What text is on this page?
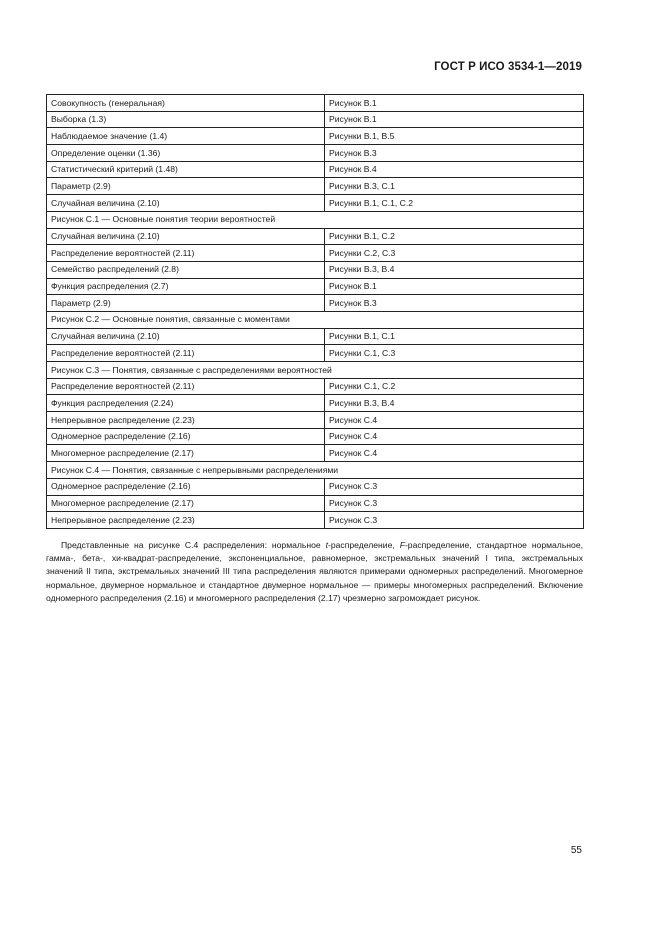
ГОСТ Р ИСО 3534-1—2019
Совокупность (генеральная)	Рисунок B.1
Выборка (1.3)	Рисунок B.1
Наблюдаемое значение (1.4)	Рисунки B.1, B.5
Определение оценки (1.36)	Рисунок B.3
Статистический критерий (1.48)	Рисунок B.4
Параметр (2.9)	Рисунки B.3, C.1
Случайная величина (2.10)	Рисунки B.1, C.1, C.2
Рисунок С.1 — Основные понятия теории вероятностей	
Случайная величина (2.10)	Рисунки B.1, C.2
Распределение вероятностей (2.11)	Рисунки C.2, C.3
Семейство распределений (2.8)	Рисунки B.3, B.4
Функция распределения (2.7)	Рисунок B.1
Параметр (2.9)	Рисунок B.3
Рисунок С.2 — Основные понятия, связанные с моментами	
Случайная величина (2.10)	Рисунки B.1, C.1
Распределение вероятностей (2.11)	Рисунки C.1, C.3
Рисунок С.3 — Понятия, связанные с распределениями вероятностей	
Распределение вероятностей (2.11)	Рисунки C.1, C.2
Функция распределения (2.24)	Рисунки B.3, B.4
Непрерывное распределение (2.23)	Рисунок C.4
Одномерное распределение (2.16)	Рисунок C.4
Многомерное распределение (2.17)	Рисунок C.4
Рисунок С.4 — Понятия, связанные с непрерывными распределениями	
Одномерное распределение (2.16)	Рисунок C.3
Многомерное распределение (2.17)	Рисунок C.3
Непрерывное распределение (2.23)	Рисунок C.3

Представленные на рисунке C.4 распределения: нормальное t-распределение, F-распределение, стандартное нормальное, гамма-, бета-, хи-квадрат-распределение, экспоненциальное, равномерное, экстремальных значений I типа, экстремальных значений II типа, экстремальных значений III типа распределения являются примерами одномерных распределений. Многомерное нормальное, двумерное нормальное и стандартное двумерное нормальное — примеры многомерных распределений. Включение одномерного распределения (2.16) и многомерного распределения (2.17) чрезмерно загромождает рисунок.

55
